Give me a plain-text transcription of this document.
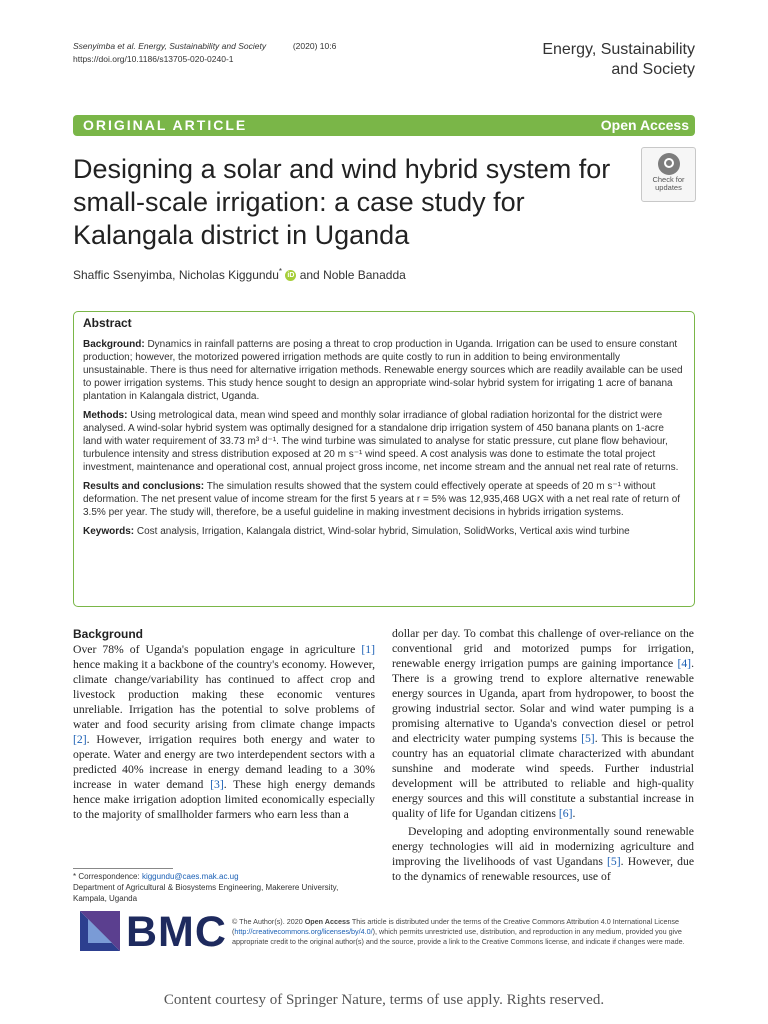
Ssenyimba et al. Energy, Sustainability and Society	(2020) 10:6
https://doi.org/10.1186/s13705-020-0240-1
Energy, Sustainability
and Society
ORIGINAL ARTICLE	Open Access
Designing a solar and wind hybrid system for small-scale irrigation: a case study for Kalangala district in Uganda
Check for
updates
Shaffic Ssenyimba, Nicholas Kiggundu* iD and Noble Banadda
Abstract

Background: Dynamics in rainfall patterns are posing a threat to crop production in Uganda. Irrigation can be used to ensure constant production; however, the motorized powered irrigation methods are quite costly to run in addition to being environmentally unsustainable. There is thus need for alternative irrigation methods. Renewable energy sources which are readily available can be used to power irrigation systems. This study hence sought to design an appropriate wind-solar hybrid system for irrigating 1 acre of banana plantation in Kalangala district, Uganda.

Methods: Using metrological data, mean wind speed and monthly solar irradiance of global radiation horizontal for the district were analysed. A wind-solar hybrid system was optimally designed for a standalone drip irrigation system of 450 banana plants on 1-acre land with water requirement of 33.73 m³ d⁻¹. The wind turbine was simulated to analyse for static pressure, cut plane flow behaviour, turbulence intensity and stress distribution exposed at 20 m s⁻¹ wind speed. A cost analysis was done to estimate the total project investment, maintenance and operational cost, annual project gross income, net income stream and the annual net real rate of returns.

Results and conclusions: The simulation results showed that the system could effectively operate at speeds of 20 m s⁻¹ without deformation. The net present value of income stream for the first 5 years at r = 5% was 12,935,468 UGX with a net real rate of return of 3.5% per year. The study will, therefore, be a useful guideline in making investment decisions in hybrids irrigation systems.

Keywords: Cost analysis, Irrigation, Kalangala district, Wind-solar hybrid, Simulation, SolidWorks, Vertical axis wind turbine

Background

Over 78% of Uganda's population engage in agriculture [1] hence making it a backbone of the country's economy. However, climate change/variability has continued to affect crop and livestock production making these economic ventures unreliable. Irrigation has the potential to solve problems of water and food security arising from climate change impacts [2]. However, irrigation requires both energy and water to operate. Water and energy are two interdependent sectors with a predicted 40% increase in energy demand leading to a 30% increase in water demand [3]. These high energy demands hence make irrigation adoption limited economically especially to the majority of smallholder farmers who earn less than a

dollar per day. To combat this challenge of over-reliance on the conventional grid and motorized pumps for irrigation, renewable energy irrigation pumps are gaining importance [4]. There is a growing trend to explore alternative renewable energy sources in Uganda, apart from hydropower, to boost the growing industrial sector. Solar and wind water pumping is a promising alternative to Uganda's convection diesel or petrol and electricity water pumping systems [5]. This is because the country has an equatorial climate characterized with abundant sunshine and moderate wind speeds. Further industrial development will be attributed to reliable and high-quality energy sources and this will constitute a substantial increase in quality of life for Ugandan citizens [6].

Developing and adopting environmentally sound renewable energy technologies will aid in modernizing agriculture and improving the livelihoods of vast Ugandans [5]. However, due to the dynamics of renewable resources, use of

* Correspondence: kiggundu@caes.mak.ac.ug
Department of Agricultural & Biosystems Engineering, Makerere University, Kampala, Uganda
BMC © The Author(s). 2020 Open Access This article is distributed under the terms of the Creative Commons Attribution 4.0 International License (http://creativecommons.org/licenses/by/4.0/), which permits unrestricted use, distribution, and reproduction in any medium, provided you give appropriate credit to the original author(s) and the source, provide a link to the Creative Commons license, and indicate if changes were made.
Content courtesy of Springer Nature, terms of use apply. Rights reserved.
